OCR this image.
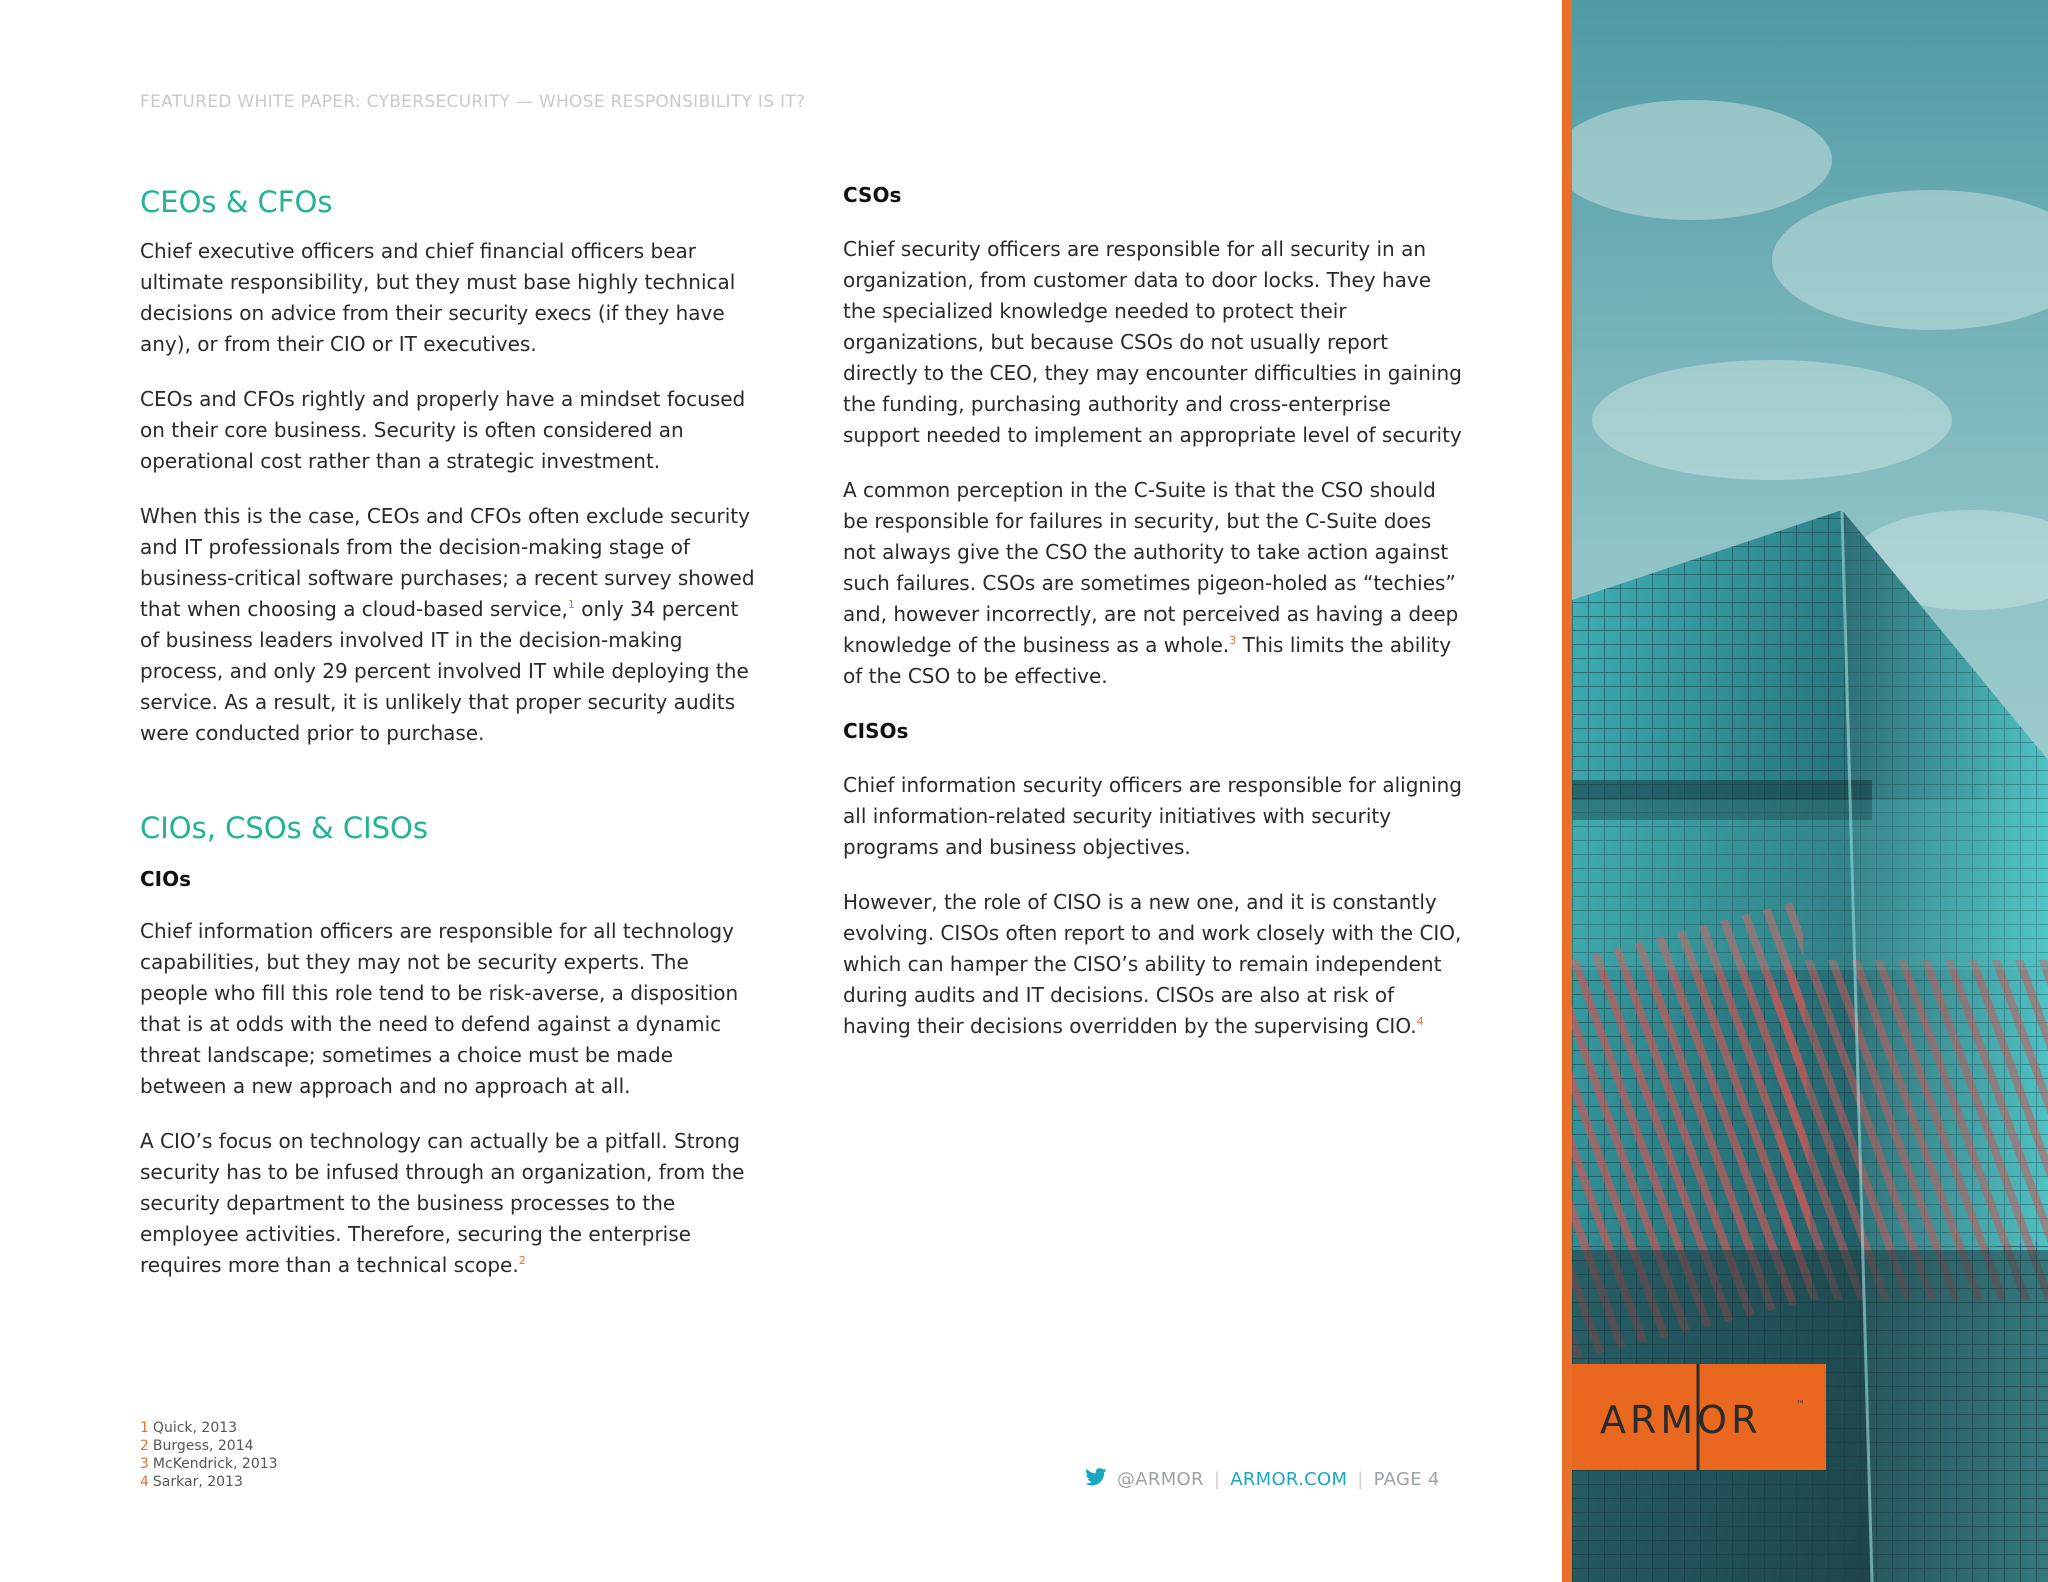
FEATURED WHITE PAPER: CYBERSECURITY — WHOSE RESPONSIBILITY IS IT?
CEOs & CFOs

Chief executive officers and chief financial officers bear ultimate responsibility, but they must base highly technical decisions on advice from their security execs (if they have any), or from their CIO or IT executives.

CEOs and CFOs rightly and properly have a mindset focused on their core business. Security is often considered an operational cost rather than a strategic investment.

When this is the case, CEOs and CFOs often exclude security and IT professionals from the decision-making stage of business-critical software purchases; a recent survey showed that when choosing a cloud-based service,$^1$ only 34 percent of business leaders involved IT in the decision-making process, and only 29 percent involved IT while deploying the service. As a result, it is unlikely that proper security audits were conducted prior to purchase.

CIOs, CSOs & CISOs
CIOs

Chief information officers are responsible for all technology capabilities, but they may not be security experts. The people who fill this role tend to be risk-averse, a disposition that is at odds with the need to defend against a dynamic threat landscape; sometimes a choice must be made between a new approach and no approach at all.

A CIO’s focus on technology can actually be a pitfall. Strong security has to be infused through an organization, from the security department to the business processes to the employee activities. Therefore, securing the enterprise requires more than a technical scope.$^2$

CSOs

Chief security officers are responsible for all security in an organization, from customer data to door locks. They have the specialized knowledge needed to protect their organizations, but because CSOs do not usually report directly to the CEO, they may encounter difficulties in gaining the funding, purchasing authority and cross-enterprise support needed to implement an appropriate level of security

A common perception in the C-Suite is that the CSO should be responsible for failures in security, but the C-Suite does not always give the CSO the authority to take action against such failures. CSOs are sometimes pigeon-holed as “techies” and, however incorrectly, are not perceived as having a deep knowledge of the business as a whole.$^3$ This limits the ability of the CSO to be effective.

CISOs

Chief information security officers are responsible for aligning all information-related security initiatives with security programs and business objectives.

However, the role of CISO is a new one, and it is constantly evolving. CISOs often report to and work closely with the CIO, which can hamper the CISO’s ability to remain independent during audits and IT decisions. CISOs are also at risk of having their decisions overridden by the supervising CIO.$^4$

1 Quick, 2013
2 Burgess, 2014
3 McKendrick, 2013
4 Sarkar, 2013	@ARMOR | ARMOR.COM | PAGE 4
ARMOR	™
